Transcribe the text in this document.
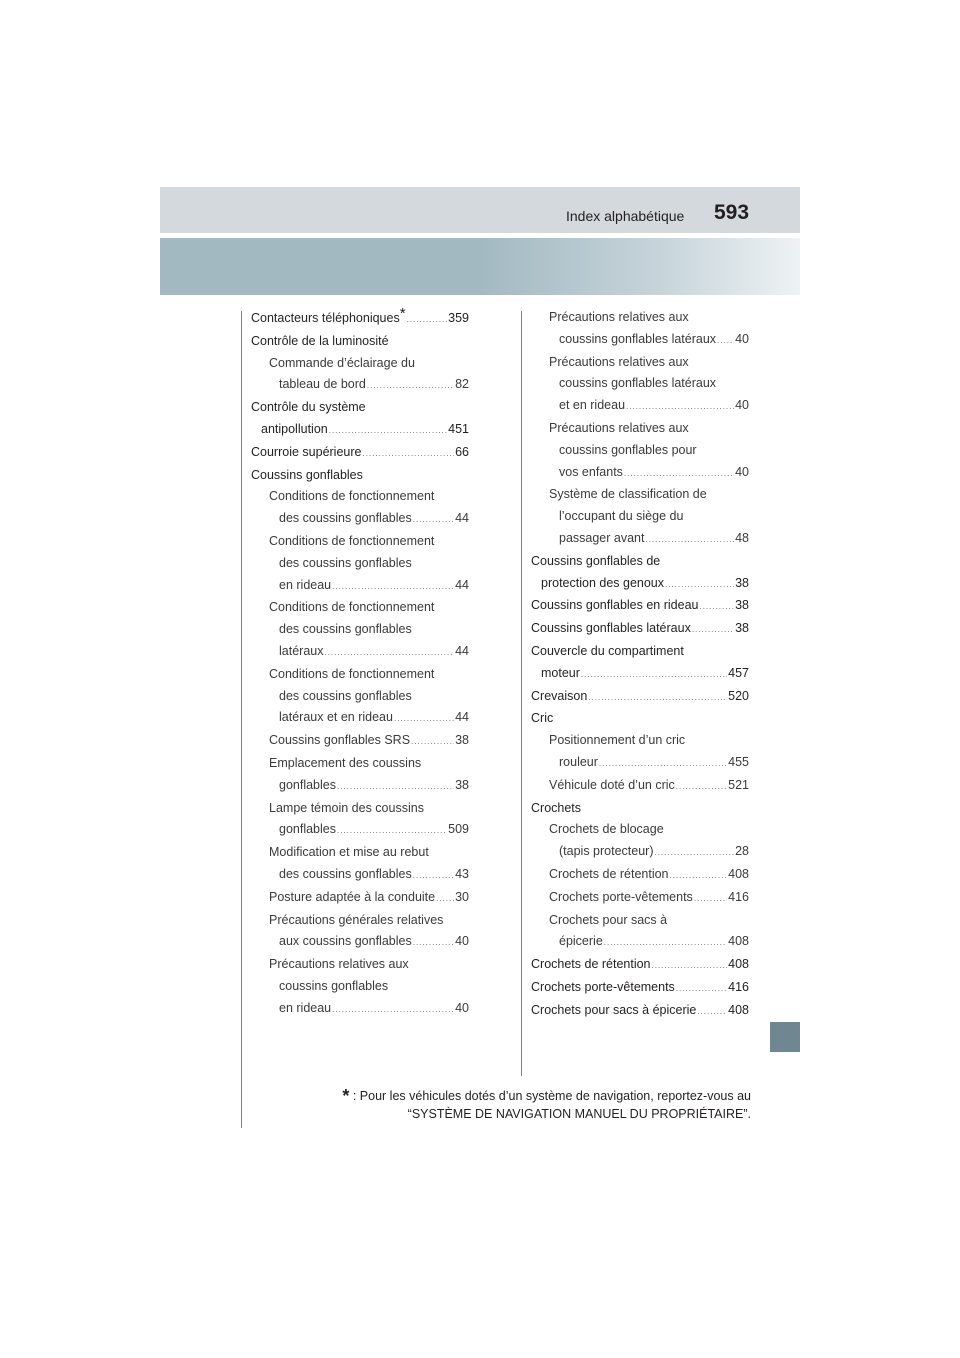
Index alphabétique 593
Contacteurs téléphoniques * .....	359
Contrôle de la luminosité
Commande d’éclairage du
tableau de bord .....	82
Contrôle du système
antipollution .....	451
Courroie supérieure .....	66
Coussins gonflables
Conditions de fonctionnement
des coussins gonflables .....	44
Conditions de fonctionnement
des coussins gonflables
en rideau .....	44
Conditions de fonctionnement
des coussins gonflables
latéraux .....	44
Conditions de fonctionnement
des coussins gonflables
latéraux et en rideau .....	44
Coussins gonflables SRS .....	38
Emplacement des coussins
gonflables .....	38
Lampe témoin des coussins
gonflables .....	509
Modification et mise au rebut
des coussins gonflables .....	43
Posture adaptée à la conduite ..... 30
Précautions générales relatives
aux coussins gonflables .....	40
Précautions relatives aux
coussins gonflables
en rideau .....	40
Précautions relatives aux
coussins gonflables latéraux ..... 40
Précautions relatives aux
coussins gonflables latéraux
et en rideau .....	40
Précautions relatives aux
coussins gonflables pour
vos enfants .....	40
Système de classification de
l’occupant du siège du
passager avant .....	48
Coussins gonflables de
protection des genoux .....	38
Coussins gonflables en rideau .....	38
Coussins gonflables latéraux .....	38
Couvercle du compartiment
moteur .....	457
Crevaison .....	520
Cric
Positionnement d’un cric
rouleur .....	455
Véhicule doté d’un cric .....	521
Crochets
Crochets de blocage
(tapis protecteur) .....	28
Crochets de rétention .....	408
Crochets porte-vêtements .....	416
Crochets pour sacs à
épicerie .....	408
Crochets de rétention .....	408
Crochets porte-vêtements .....	416
Crochets pour sacs à épicerie .....	408
* : Pour les véhicules dotés d’un système de navigation, reportez-vous au
“SYSTÈME DE NAVIGATION MANUEL DU PROPRIÉTAIRE”.
